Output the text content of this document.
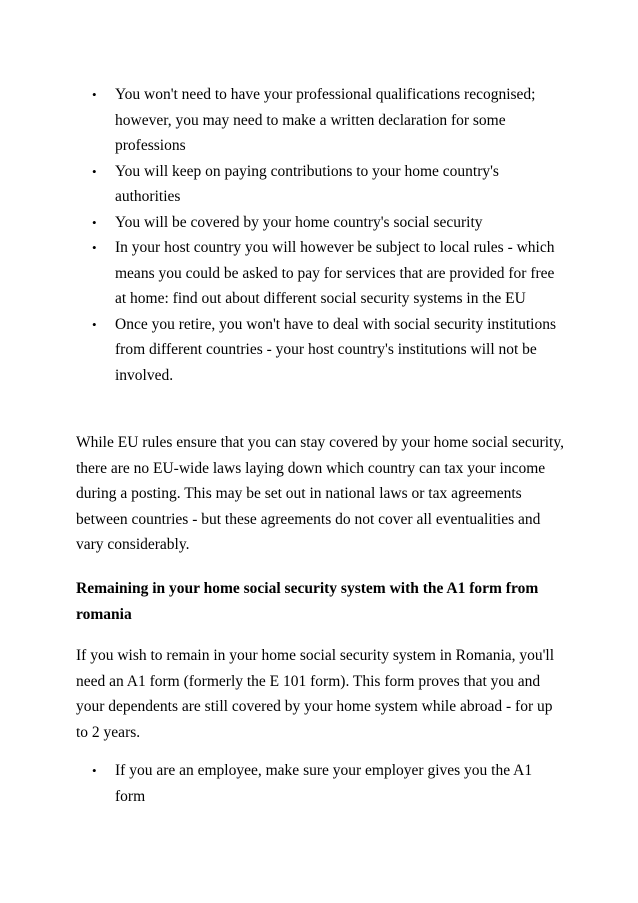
• You won't need to have your professional qualifications recognised; however, you may need to make a written declaration for some professions
• You will keep on paying contributions to your home country's authorities
• You will be covered by your home country's social security
• In your host country you will however be subject to local rules - which means you could be asked to pay for services that are provided for free at home: find out about different social security systems in the EU
• Once you retire, you won't have to deal with social security institutions from different countries - your host country's institutions will not be involved.

While EU rules ensure that you can stay covered by your home social security, there are no EU-wide laws laying down which country can tax your income during a posting. This may be set out in national laws or tax agreements between countries - but these agreements do not cover all eventualities and vary considerably.

Remaining in your home social security system with the A1 form from romania

If you wish to remain in your home social security system in Romania, you'll need an A1 form (formerly the E 101 form). This form proves that you and your dependents are still covered by your home system while abroad - for up to 2 years.

• If you are an employee, make sure your employer gives you the A1 form
